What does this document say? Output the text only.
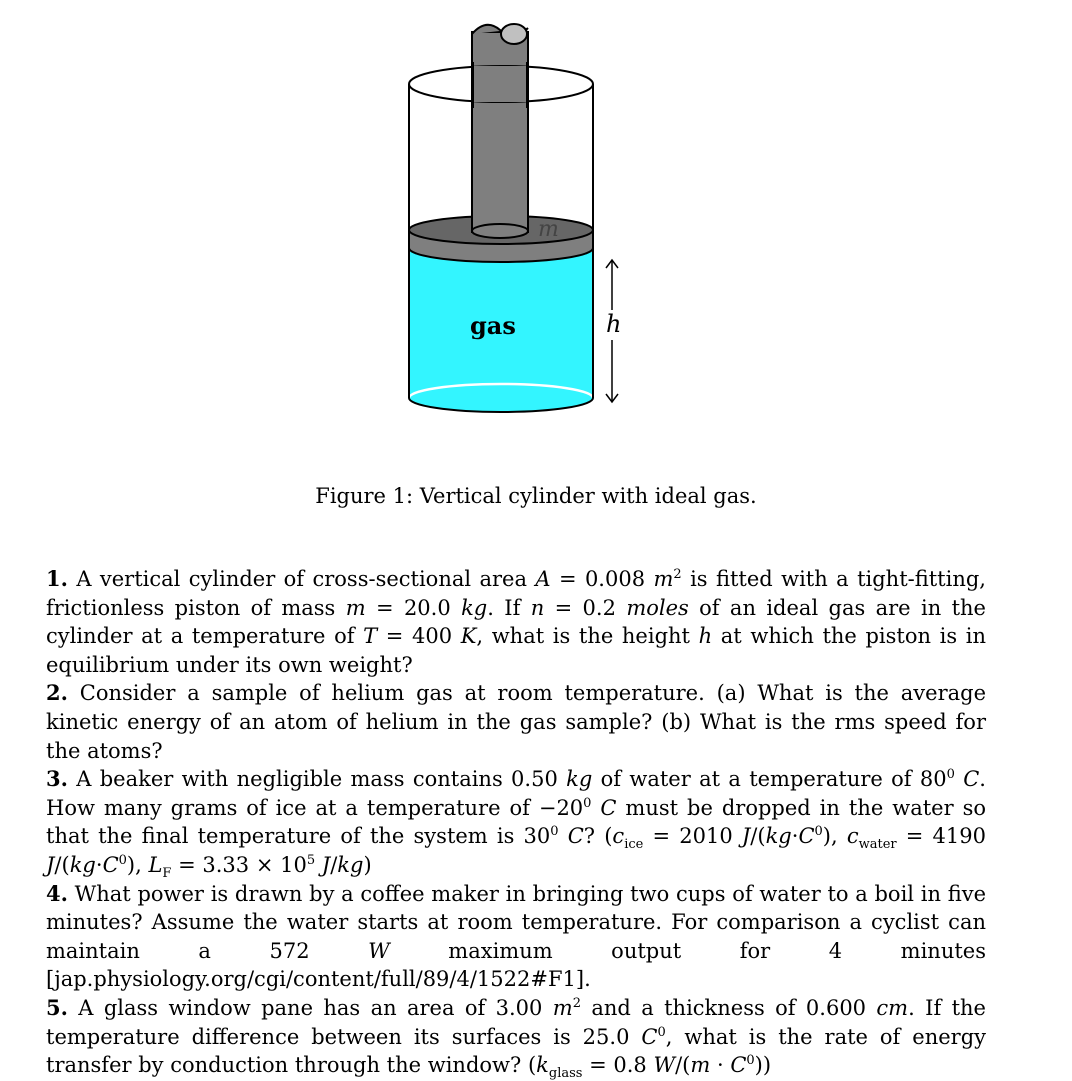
m
gas	h
Figure 1: Vertical cylinder with ideal gas.

1. A vertical cylinder of cross-sectional area A = 0.008 $m^2$ is fitted with a tight-fitting, frictionless piston of mass m = 20.0 kg. If n = 0.2 moles of an ideal gas are in the cylinder at a temperature of T = 400 K, what is the height h at which the piston is in equilibrium under its own weight?

2. Consider a sample of helium gas at room temperature. (a) What is the average kinetic energy of an atom of helium in the gas sample? (b) What is the rms speed for the atoms?

3. A beaker with negligible mass contains 0.50 kg of water at a temperature of $80^0$ C. How many grams of ice at a temperature of $-20^0$ C must be dropped in the water so that the final temperature of the system is $30^0$ C? ($c_{ice} = 2010$ $J/(kg\cdot C^0)$, $c_{water} = 4190$ $J/(kg\cdot C^0)$, $L_F = 3.33 \times 10^5$ J/kg)

4. What power is drawn by a coffee maker in bringing two cups of water to a boil in five minutes? Assume the water starts at room temperature. For comparison a cyclist can maintain a 572 W maximum output for 4 minutes [jap.physiology.org/cgi/content/full/89/4/1522#F1].

5. A glass window pane has an area of 3.00 $m^2$ and a thickness of 0.600 cm. If the temperature difference between its surfaces is 25.0 $C^0$, what is the rate of energy transfer by conduction through the window? ($k_{glass} = 0.8$ $W/(m \cdot C^0)$)
